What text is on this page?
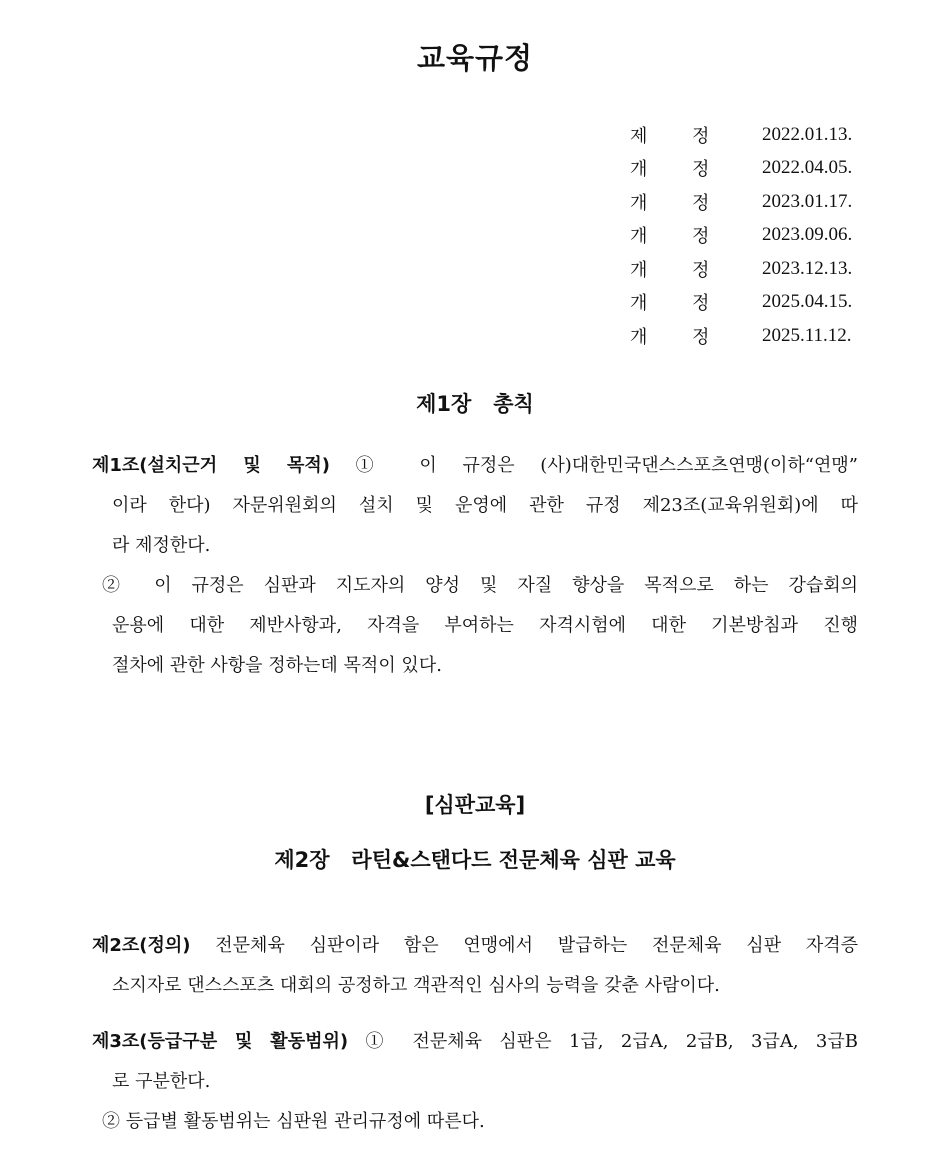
교육규정
제	정	2022.01.13.
개	정	2022.04.05.
개	정	2023.01.17.
개	정	2023.09.06.
개	정	2023.12.13.
개	정	2025.04.15.
개	정	2025.11.12.
제1장   총칙
제1조(설치근거 및 목적) ① 이 규정은 (사)대한민국댄스스포츠연맹(이하“연맹”
이라 한다) 자문위원회의 설치 및 운영에 관한 규정 제23조(교육위원회)에 따
라 제정한다.
② 이 규정은 심판과 지도자의 양성 및 자질 향상을 목적으로 하는 강습회의
운용에 대한 제반사항과, 자격을 부여하는 자격시험에 대한 기본방침과 진행
절차에 관한 사항을 정하는데 목적이 있다.
[심판교육]
제2장   라틴&스탠다드 전문체육 심판 교육
제2조(정의) 전문체육 심판이라 함은 연맹에서 발급하는 전문체육 심판 자격증
소지자로 댄스스포츠 대회의 공정하고 객관적인 심사의 능력을 갖춘 사람이다.
제3조(등급구분 및 활동범위) ① 전문체육 심판은 1급, 2급A, 2급B, 3급A, 3급B
로 구분한다.
② 등급별 활동범위는 심판원 관리규정에 따른다.
